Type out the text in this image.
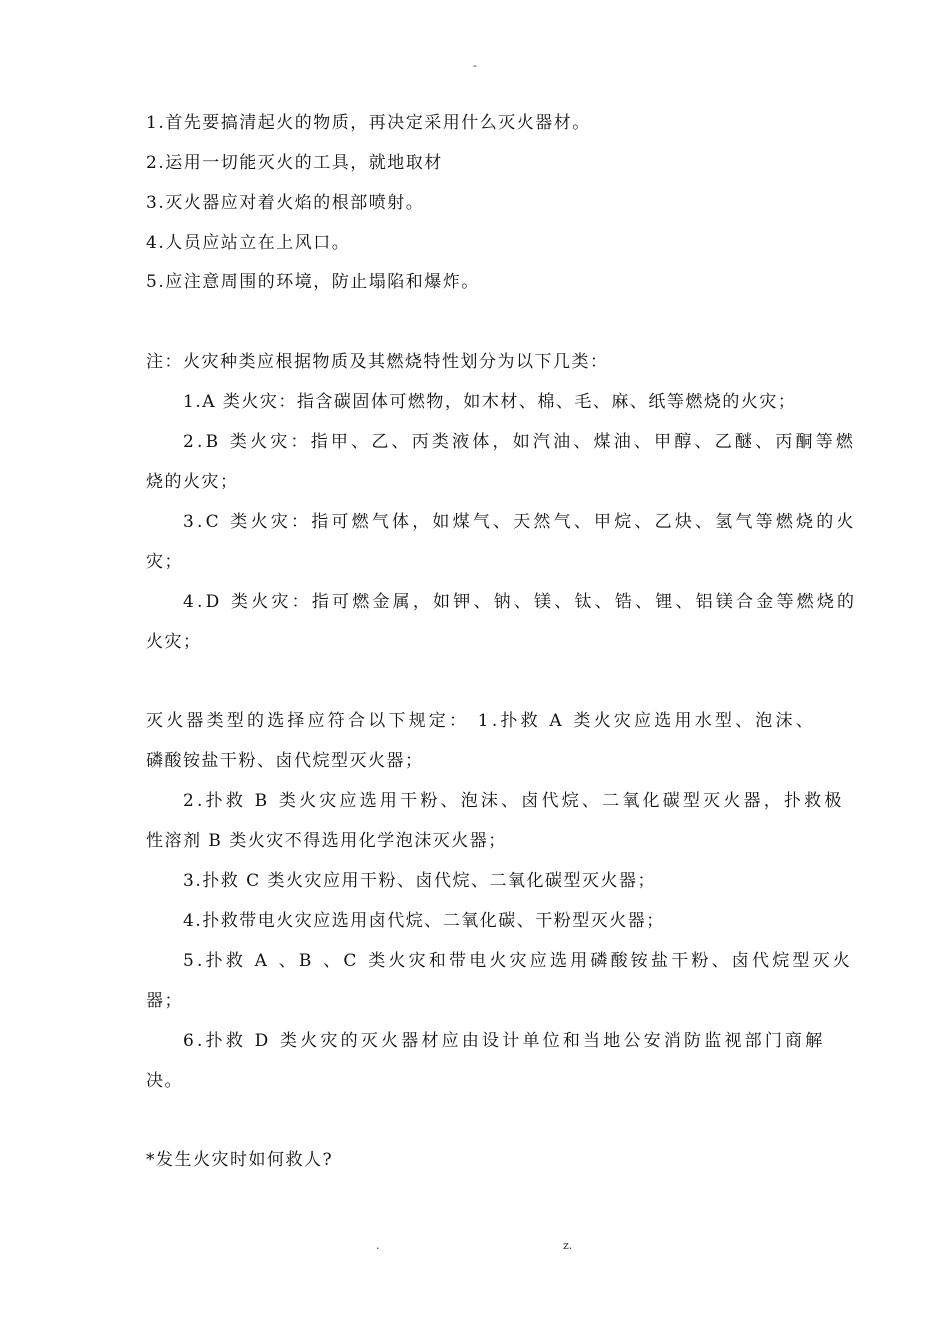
-
1.首先要搞清起火的物质，再决定采用什么灭火器材。
2.运用一切能灭火的工具，就地取材
3.灭火器应对着火焰的根部喷射。
4.人员应站立在上风口。
5.应注意周围的环境，防止塌陷和爆炸。
注：火灾种类应根据物质及其燃烧特性划分为以下几类：
1.A 类火灾：指含碳固体可燃物，如木材、棉、毛、麻、纸等燃烧的火灾；
2.B 类火灾：指甲、乙、丙类液体，如汽油、煤油、甲醇、乙醚、丙酮等燃
烧的火灾；
3.C 类火灾：指可燃气体，如煤气、天然气、甲烷、乙炔、氢气等燃烧的火
灾；
4.D 类火灾：指可燃金属，如钾、钠、镁、钛、锆、锂、铝镁合金等燃烧的
火灾；
灭火器类型的选择应符合以下规定： 1.扑救 A 类火灾应选用水型、泡沫、
磷酸铵盐干粉、卤代烷型灭火器；
2.扑救 B 类火灾应选用干粉、泡沫、卤代烷、二氧化碳型灭火器，扑救极
性溶剂 B 类火灾不得选用化学泡沫灭火器；
3.扑救 C 类火灾应用干粉、卤代烷、二氧化碳型灭火器；
4.扑救带电火灾应选用卤代烷、二氧化碳、干粉型灭火器；
5.扑救 A 、B 、C 类火灾和带电火灾应选用磷酸铵盐干粉、卤代烷型灭火
器；
6.扑救 D 类火灾的灭火器材应由设计单位和当地公安消防监视部门商解
决。
*发生火灾时如何救人?
.	z.
